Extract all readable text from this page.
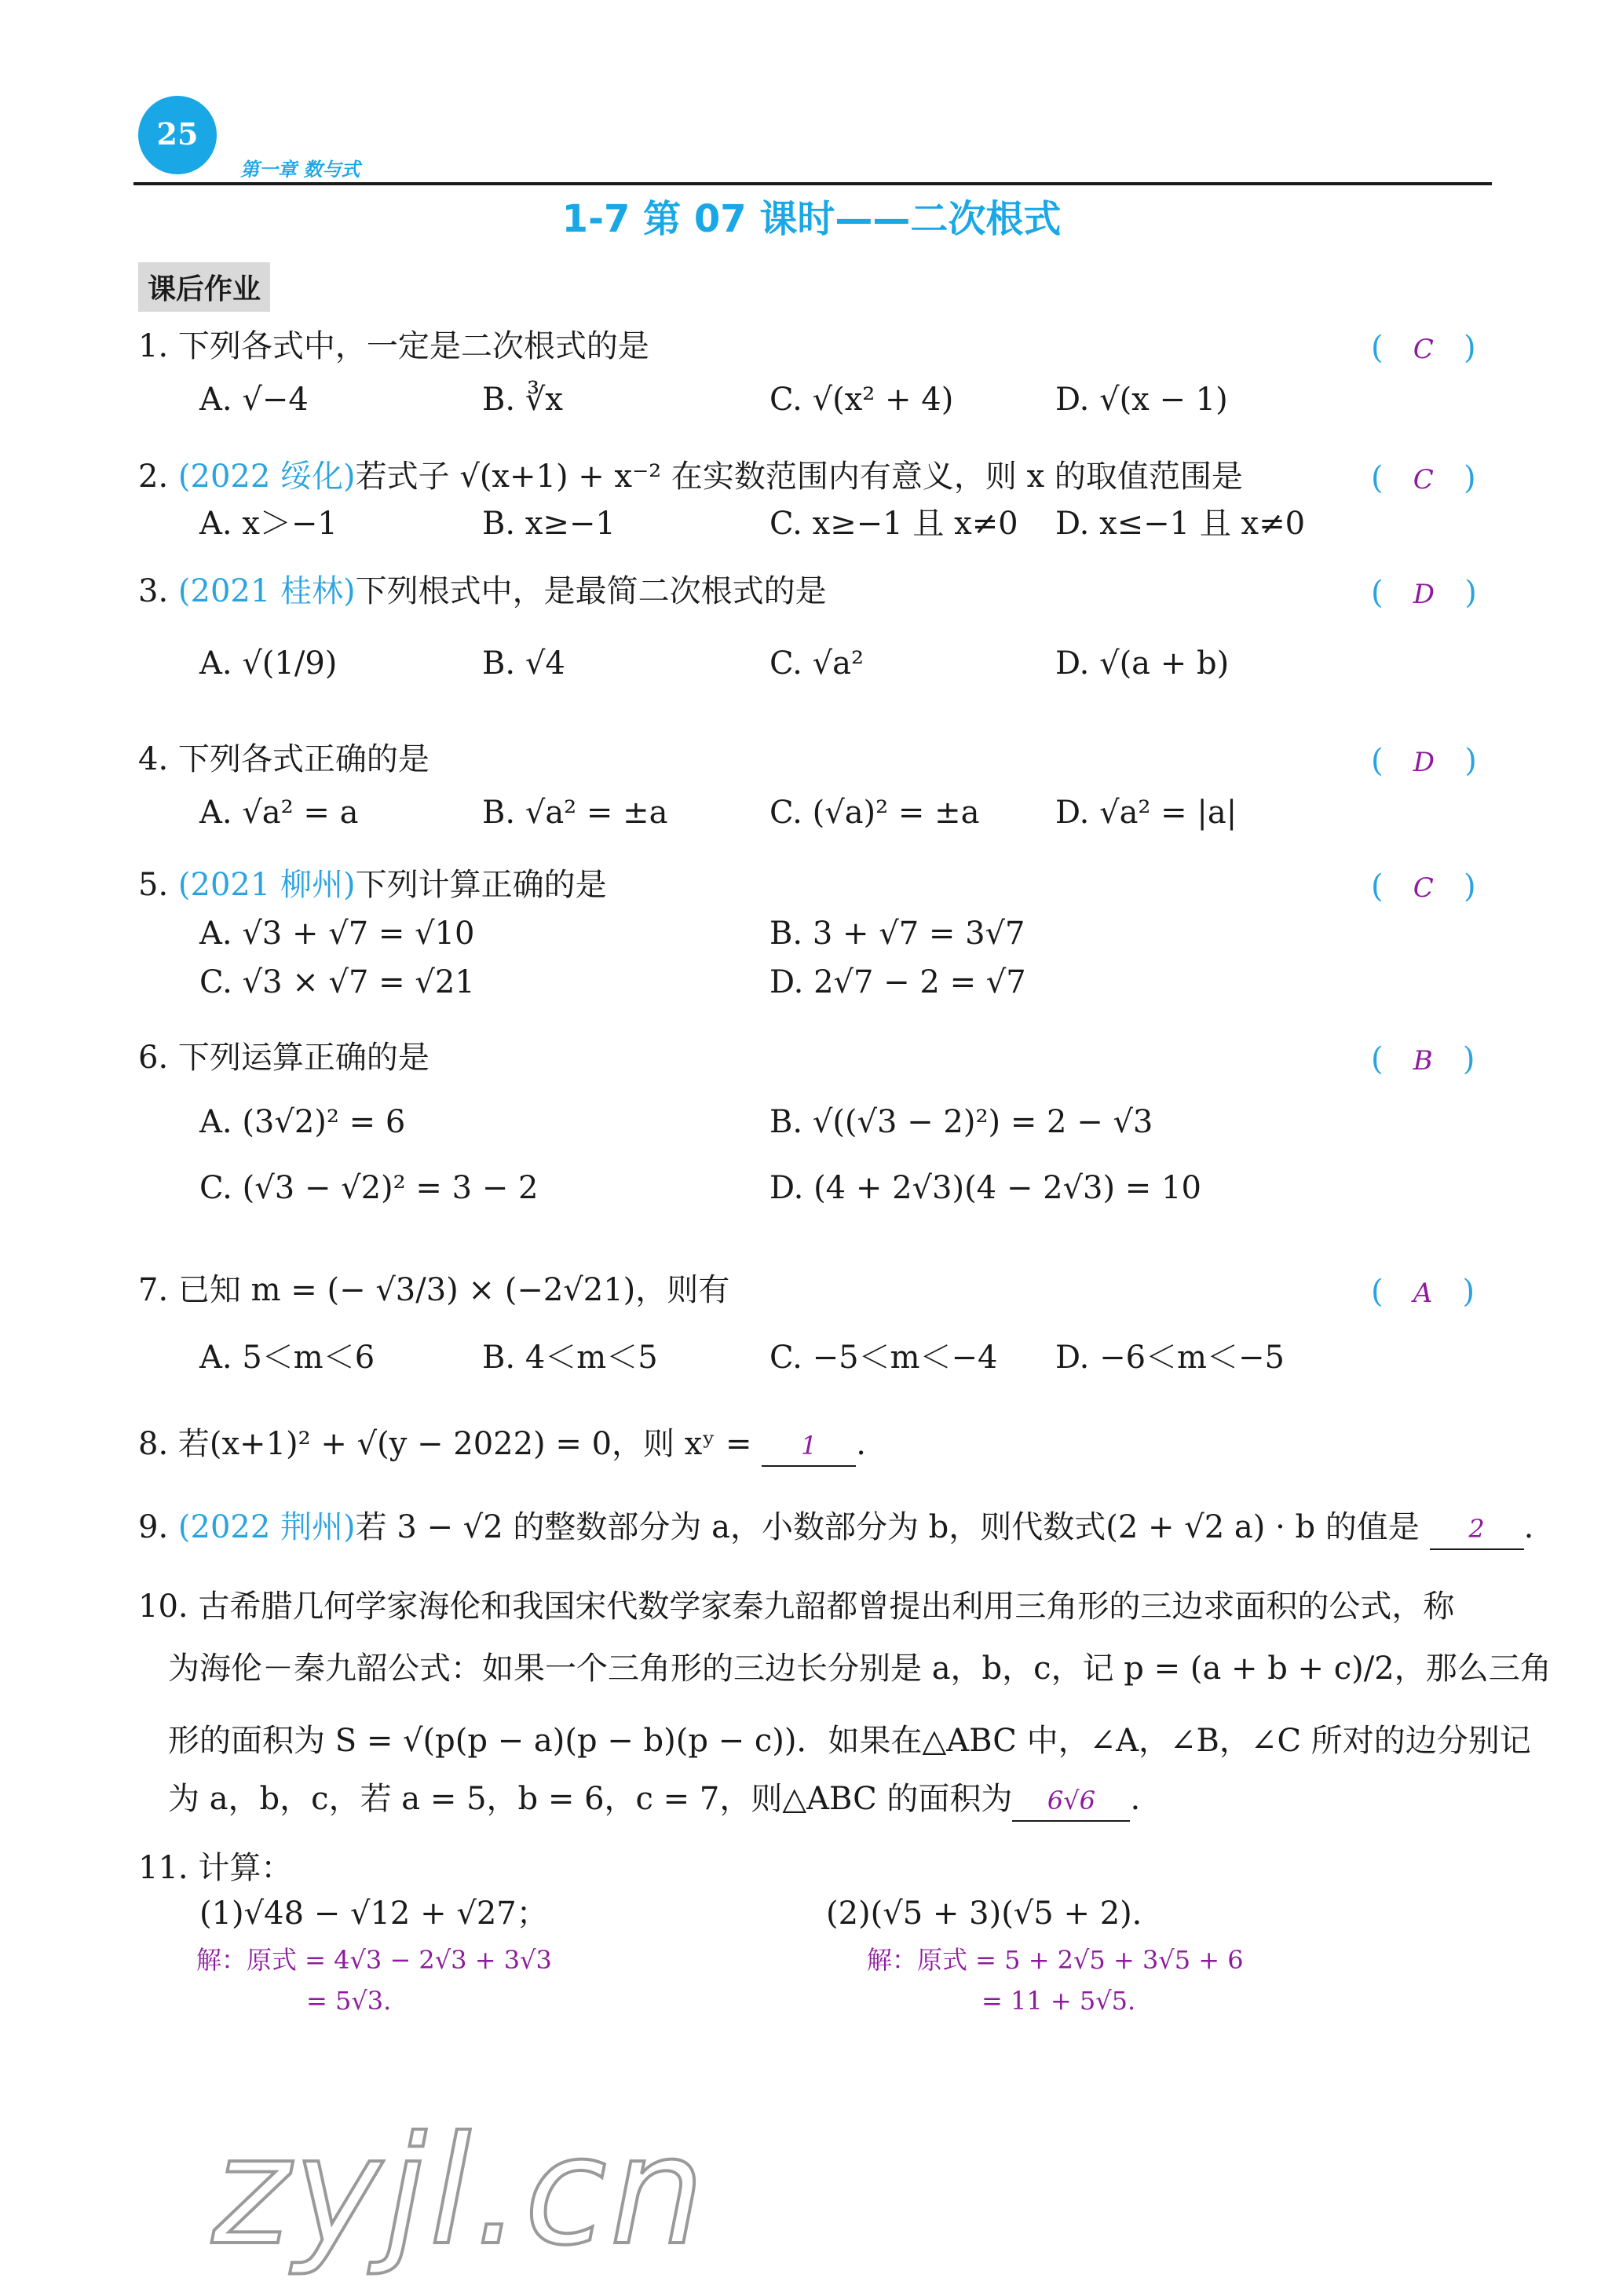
25
第一章 数与式
1-7 第 07 课时——二次根式
课后作业
1. 下列各式中，一定是二次根式的是	( C )
A. √−4	B. ∛x	C. √(x² + 4)	D. √(x − 1)
2. (2022 绥化)若式子 √(x+1) + x⁻² 在实数范围内有意义，则 x 的取值范围是	( C )
A. x＞−1	B. x≥−1	C. x≥−1 且 x≠0 D. x≤−1 且 x≠0
3. (2021 桂林)下列根式中，是最简二次根式的是	( D )
A. √(1/9)	B. √4	C. √a²	D. √(a + b)
4. 下列各式正确的是	( D )
A. √a² = a	B. √a² = ±a	C. (√a)² = ±a D. √a² = |a|
5. (2021 柳州)下列计算正确的是	( C )
A. √3 + √7 = √10	B. 3 + √7 = 3√7
C. √3 × √7 = √21	D. 2√7 − 2 = √7
6. 下列运算正确的是	( B )
A. (3√2)² = 6	B. √((√3 − 2)²) = 2 − √3
C. (√3 − √2)² = 3 − 2	D. (4 + 2√3)(4 − 2√3) = 10
7. 已知 m = (− √3/3) × (−2√21)，则有	( A )
A. 5＜m＜6	B. 4＜m＜5	C. −5＜m＜−4 D. −6＜m＜−5
8. 若(x+1)² + √(y − 2022) = 0，则 xʸ = 1 .
9. (2022 荆州)若 3 − √2 的整数部分为 a，小数部分为 b，则代数式(2 + √2 a) · b 的值是 2 .
10. 古希腊几何学家海伦和我国宋代数学家秦九韶都曾提出利用三角形的三边求面积的公式，称
为海伦－秦九韶公式：如果一个三角形的三边长分别是 a，b，c，记 p = (a + b + c)/2，那么三角
形的面积为 S = √(p(p − a)(p − b)(p − c))．如果在△ABC 中，∠A，∠B，∠C 所对的边分别记
为 a，b，c，若 a = 5，b = 6，c = 7，则△ABC 的面积为 6√6 .
11. 计算：
(1)√48 − √12 + √27；	(2)(√5 + 3)(√5 + 2)．
解：原式 = 4√3 − 2√3 + 3√3
= 5√3.
解：原式 = 5 + 2√5 + 3√5 + 6
= 11 + 5√5.
zyjl.cn
